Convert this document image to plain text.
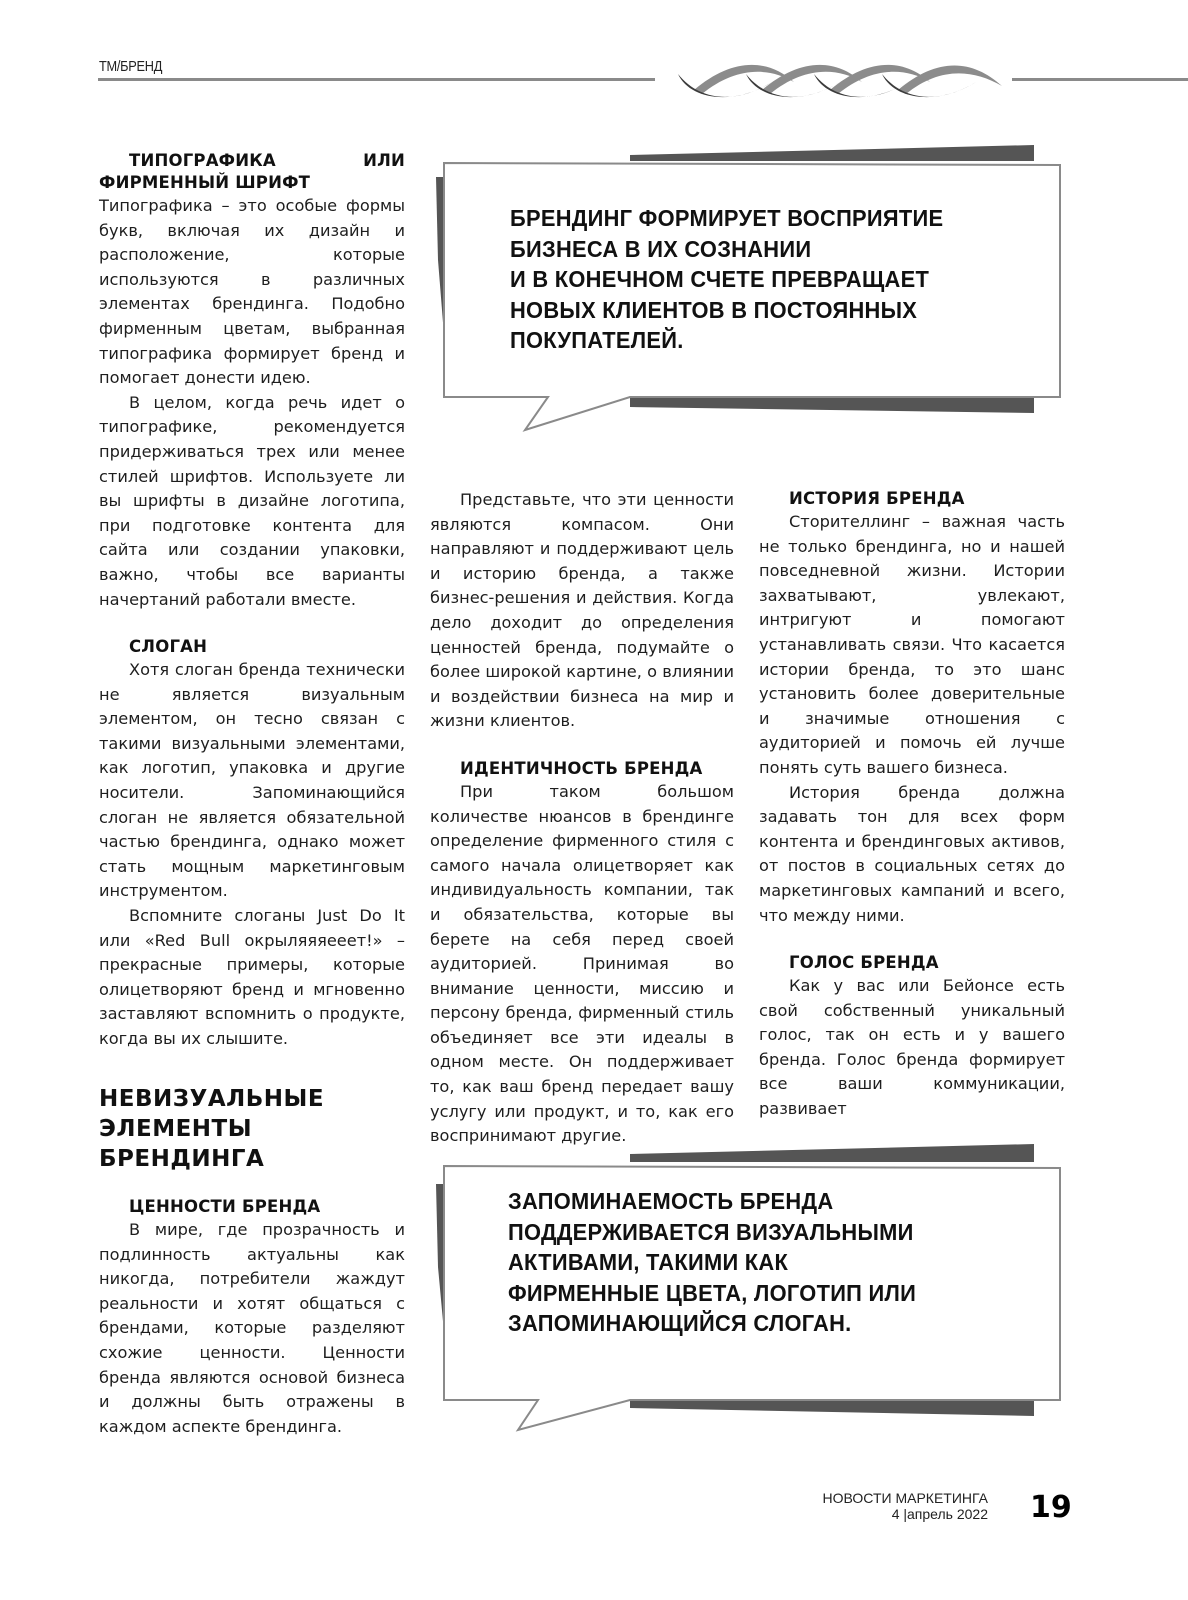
ТМ/БРЕНД
БРЕНДИНГ ФОРМИРУЕТ ВОСПРИЯТИЕ
БИЗНЕСА В ИХ СОЗНАНИИ
И В КОНЕЧНОМ СЧЕТЕ ПРЕВРАЩАЕТ
НОВЫХ КЛИЕНТОВ В ПОСТОЯННЫХ
ПОКУПАТЕЛЕЙ.

ТИПОГРАФИКА ИЛИ ФИРМЕННЫЙ ШРИФТ

Типографика – это особые формы букв, включая их дизайн и расположение, которые используются в различных элементах брендинга. Подобно фирменным цветам, выбранная типографика формирует бренд и помогает донести идею.

В целом, когда речь идет о типографике, рекомендуется придерживаться трех или менее стилей шрифтов. Используете ли вы шрифты в дизайне логотипа, при подготовке контента для сайта или создании упаковки, важно, чтобы все варианты начертаний работали вместе.

СЛОГАН

Хотя слоган бренда технически не является визуальным элементом, он тесно связан с такими визуальными элементами, как логотип, упаковка и другие носители. Запоминающийся слоган не является обязательной частью брендинга, однако может стать мощным маркетинговым инструментом.

Вспомните слоганы Just Do It или «Red Bull окрыляяяееет!» – прекрасные примеры, которые олицетворяют бренд и мгновенно заставляют вспомнить о продукте, когда вы их слышите.

НЕВИЗУАЛЬНЫЕ ЭЛЕМЕНТЫ БРЕНДИНГА

ЦЕННОСТИ БРЕНДА

В мире, где прозрачность и подлинность актуальны как никогда, потребители жаждут реальности и хотят общаться с брендами, которые разделяют схожие ценности. Ценности бренда являются основой бизнеса и должны быть отражены в каждом аспекте брендинга.

Представьте, что эти ценности являются компасом. Они направляют и поддерживают цель и историю бренда, а также бизнес-решения и действия. Когда дело доходит до определения ценностей бренда, подумайте о более широкой картине, о влиянии и воздействии бизнеса на мир и жизни клиентов.

ИДЕНТИЧНОСТЬ БРЕНДА

При таком большом количестве нюансов в брендинге определение фирменного стиля с самого начала олицетворяет как индивидуальность компании, так и обязательства, которые вы берете на себя перед своей аудиторией. Принимая во внимание ценности, миссию и персону бренда, фирменный стиль объединяет все эти идеалы в одном месте. Он поддерживает то, как ваш бренд передает вашу услугу или продукт, и то, как его воспринимают другие.

ИСТОРИЯ БРЕНДА

Сторителлинг – важная часть не только брендинга, но и нашей повседневной жизни. Истории захватывают, увлекают, интригуют и помогают устанавливать связи. Что касается истории бренда, то это шанс установить более доверительные и значимые отношения с аудиторией и помочь ей лучше понять суть вашего бизнеса.

История бренда должна задавать тон для всех форм контента и брендинговых активов, от постов в социальных сетях до маркетинговых кампаний и всего, что между ними.

ГОЛОС БРЕНДА

Как у вас или Бейонсе есть свой собственный уникальный голос, так он есть и у вашего бренда. Голос бренда формирует все ваши коммуникации, развивает

ЗАПОМИНАЕМОСТЬ БРЕНДА
ПОДДЕРЖИВАЕТСЯ ВИЗУАЛЬНЫМИ
АКТИВАМИ, ТАКИМИ КАК
ФИРМЕННЫЕ ЦВЕТА, ЛОГОТИП ИЛИ
ЗАПОМИНАЮЩИЙСЯ СЛОГАН.
НОВОСТИ МАРКЕТИНГА
4 |апрель 2022 19
